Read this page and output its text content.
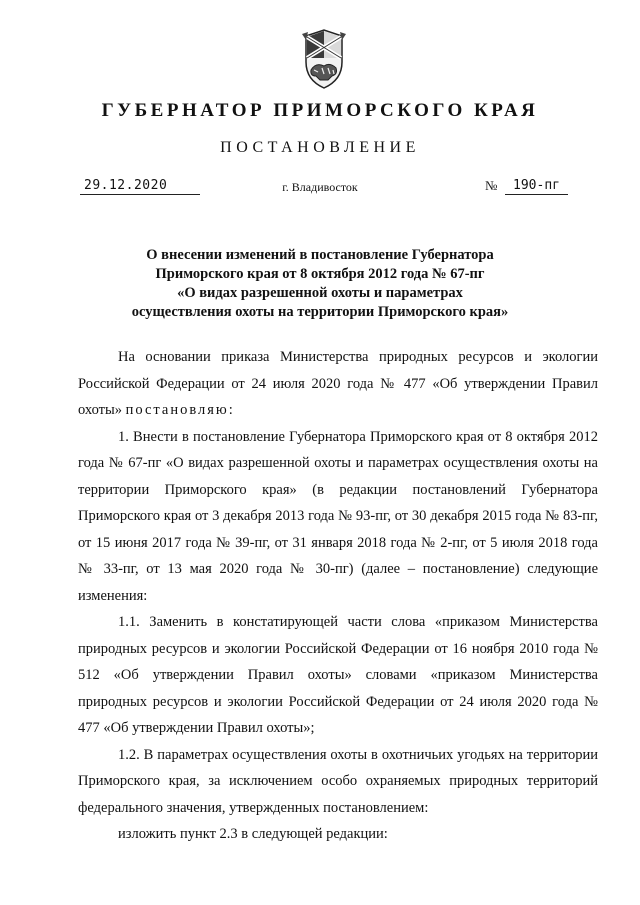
ГУБЕРНАТОР ПРИМОРСКОГО КРАЯ
ПОСТАНОВЛЕНИЕ
29.12.2020	г. Владивосток	№	190-пг
О внесении изменений в постановление Губернатора
Приморского края от 8 октября 2012 года № 67-пг
«О видах разрешенной охоты и параметрах
осуществления охоты на территории Приморского края»

На основании приказа Министерства природных ресурсов и экологии Российской Федерации от 24 июля 2020 года № 477 «Об утверждении Правил охоты» постановляю:

1. Внести в постановление Губернатора Приморского края от 8 октября 2012 года № 67-пг «О видах разрешенной охоты и параметрах осуществления охоты на территории Приморского края» (в редакции постановлений Губернатора Приморского края от 3 декабря 2013 года № 93-пг, от 30 декабря 2015 года № 83-пг, от 15 июня 2017 года № 39-пг, от 31 января 2018 года № 2-пг, от 5 июля 2018 года № 33-пг, от 13 мая 2020 года № 30-пг) (далее – постановление) следующие изменения:

1.1. Заменить в констатирующей части слова «приказом Министерства природных ресурсов и экологии Российской Федерации от 16 ноября 2010 года № 512 «Об утверждении Правил охоты» словами «приказом Министерства природных ресурсов и экологии Российской Федерации от 24 июля 2020 года № 477 «Об утверждении Правил охоты»;

1.2. В параметрах осуществления охоты в охотничьих угодьях на территории Приморского края, за исключением особо охраняемых природных территорий федерального значения, утвержденных постановлением:

изложить пункт 2.3 в следующей редакции:
